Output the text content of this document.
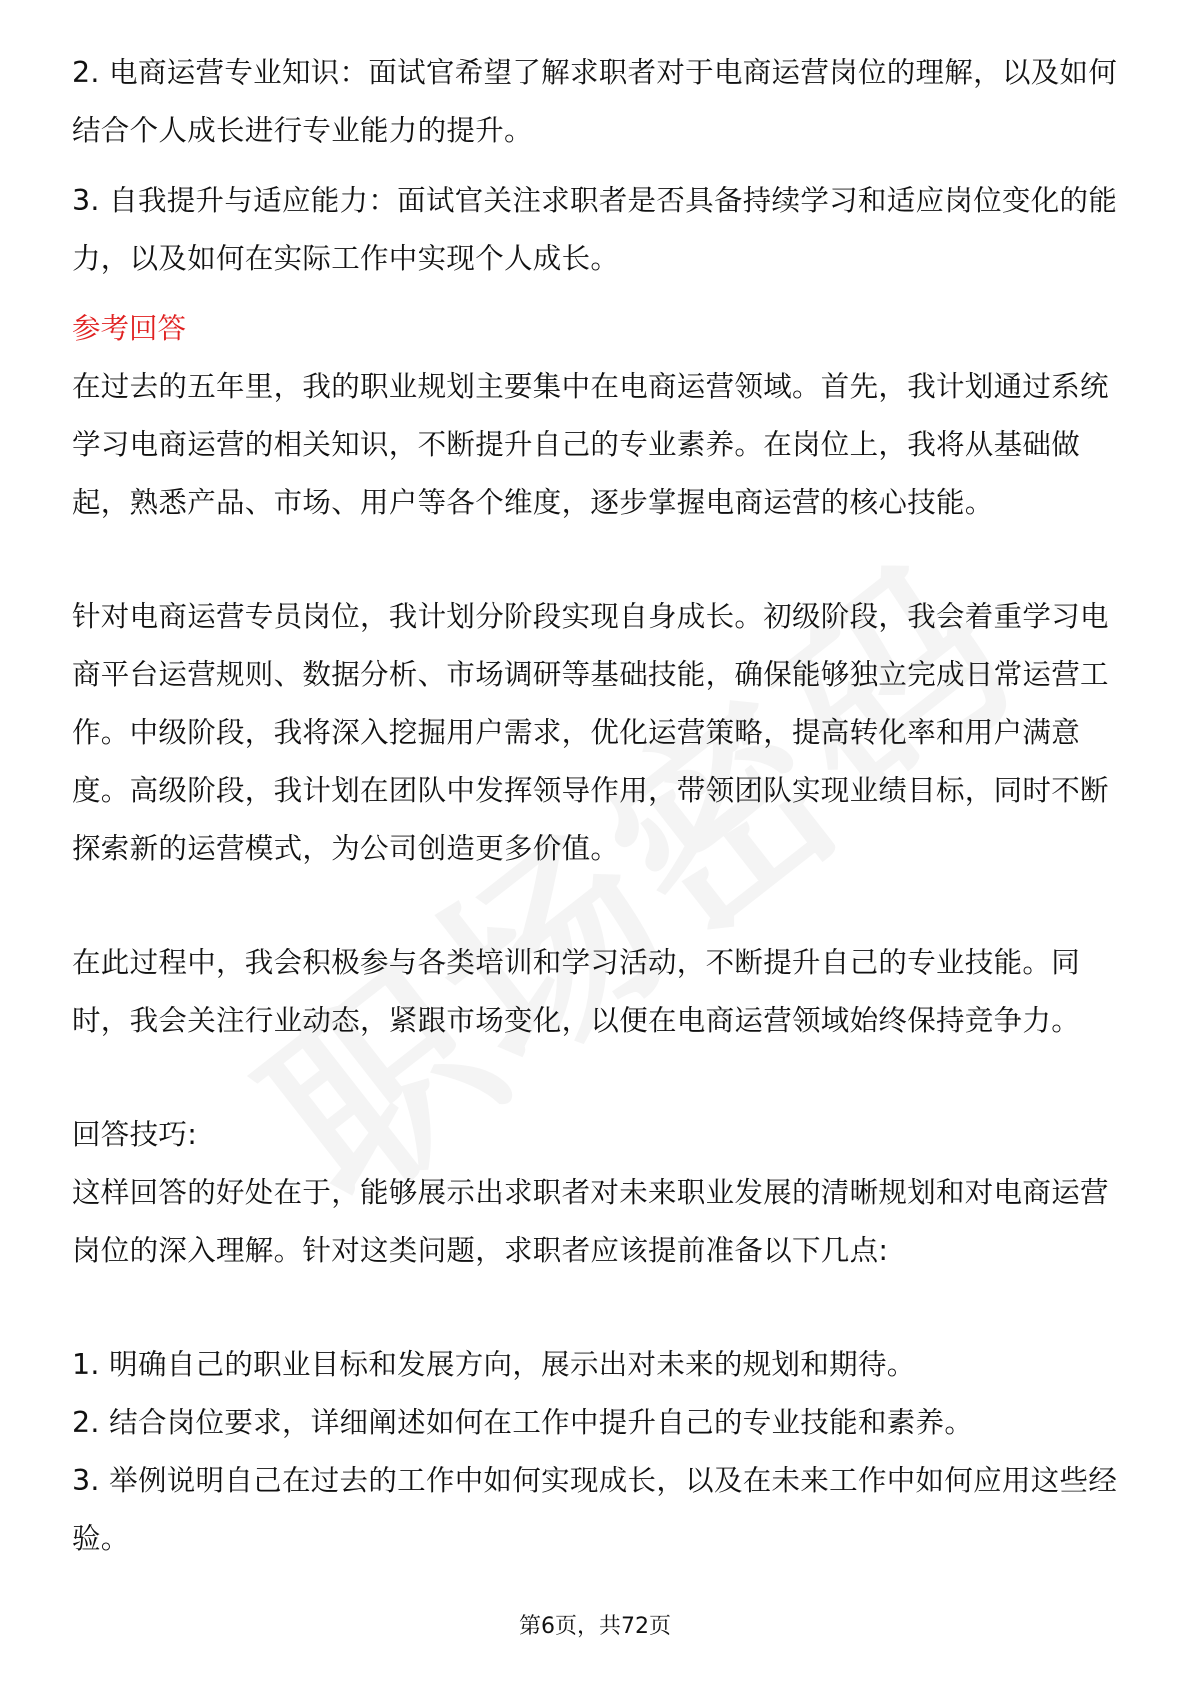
2. 电商运营专业知识：面试官希望了解求职者对于电商运营岗位的理解，以及如何结合个人成长进行专业能力的提升。

3. 自我提升与适应能力：面试官关注求职者是否具备持续学习和适应岗位变化的能力，以及如何在实际工作中实现个人成长。

参考回答

在过去的五年里，我的职业规划主要集中在电商运营领域。首先，我计划通过系统学习电商运营的相关知识，不断提升自己的专业素养。在岗位上，我将从基础做起，熟悉产品、市场、用户等各个维度，逐步掌握电商运营的核心技能。

针对电商运营专员岗位，我计划分阶段实现自身成长。初级阶段，我会着重学习电商平台运营规则、数据分析、市场调研等基础技能，确保能够独立完成日常运营工作。中级阶段，我将深入挖掘用户需求，优化运营策略，提高转化率和用户满意度。高级阶段，我计划在团队中发挥领导作用，带领团队实现业绩目标，同时不断探索新的运营模式，为公司创造更多价值。

在此过程中，我会积极参与各类培训和学习活动，不断提升自己的专业技能。同时，我会关注行业动态，紧跟市场变化，以便在电商运营领域始终保持竞争力。

回答技巧:

这样回答的好处在于，能够展示出求职者对未来职业发展的清晰规划和对电商运营岗位的深入理解。针对这类问题，求职者应该提前准备以下几点:

1. 明确自己的职业目标和发展方向，展示出对未来的规划和期待。

2. 结合岗位要求，详细阐述如何在工作中提升自己的专业技能和素养。

3. 举例说明自己在过去的工作中如何实现成长，以及在未来工作中如何应用这些经验。

第6页，共72页
